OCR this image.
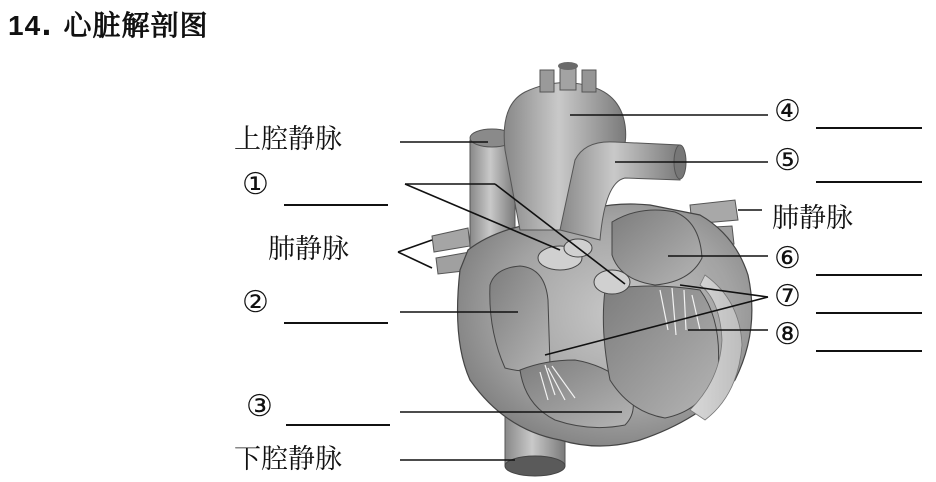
14. 心脏解剖图
上腔静脉
①
肺静脉
②
③
下腔静脉
④
⑤
肺静脉
⑥
⑦
⑧
